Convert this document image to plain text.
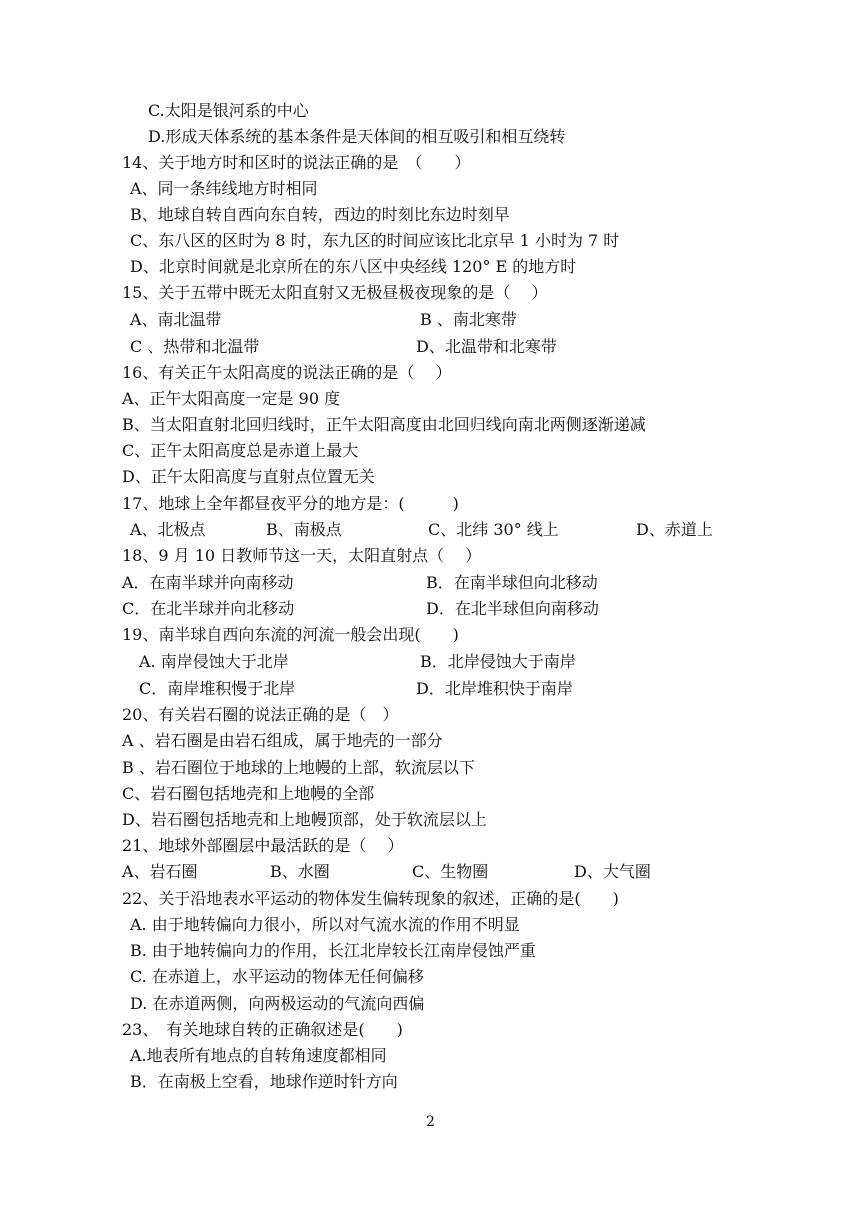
C.太阳是银河系的中心
D.形成天体系统的基本条件是天体间的相互吸引和相互绕转
14、关于地方时和区时的说法正确的是　（　　）
A、同一条纬线地方时相同
B、地球自转自西向东自转，西边的时刻比东边时刻早
C、东八区的区时为 8 时，东九区的时间应该比北京早 1 小时为 7 时
D、北京时间就是北京所在的东八区中央经线 120° E 的地方时
15、关于五带中既无太阳直射又无极昼极夜现象的是（　 ）
A、南北温带	B 、南北寒带
C 、热带和北温带	D、北温带和北寒带
16、有关正午太阳高度的说法正确的是（　 ）
A、正午太阳高度一定是 90 度
B、当太阳直射北回归线时，正午太阳高度由北回归线向南北两侧逐渐递减
C、正午太阳高度总是赤道上最大
D、正午太阳高度与直射点位置无关
17、地球上全年都昼夜平分的地方是：(　　　)
A、北极点	B、南极点	C、北纬 30° 线上	D、赤道上
18、9 月 10 日教师节这一天，太阳直射点（　 ）
A．在南半球并向南移动	B．在南半球但向北移动
C．在北半球并向北移动	D．在北半球但向南移动
19、南半球自西向东流的河流一般会出现(　　)
A. 南岸侵蚀大于北岸	B．北岸侵蚀大于南岸
C．南岸堆积慢于北岸	D．北岸堆积快于南岸
20、有关岩石圈的说法正确的是（　）
A 、岩石圈是由岩石组成，属于地壳的一部分
B 、岩石圈位于地球的上地幔的上部，软流层以下
C、岩石圈包括地壳和上地幔的全部
D、岩石圈包括地壳和上地幔顶部，处于软流层以上
21、地球外部圈层中最活跃的是（　 ）
A、岩石圈	B、水圈	C、生物圈	D、大气圈
22、关于沿地表水平运动的物体发生偏转现象的叙述，正确的是(　　)
A. 由于地转偏向力很小，所以对气流水流的作用不明显
B. 由于地转偏向力的作用，长江北岸较长江南岸侵蚀严重
C. 在赤道上，水平运动的物体无任何偏移
D. 在赤道两侧，向两极运动的气流向西偏
23、　有关地球自转的正确叙述是(　　)
A.地表所有地点的自转角速度都相同
B．在南极上空看，地球作逆时针方向
2
